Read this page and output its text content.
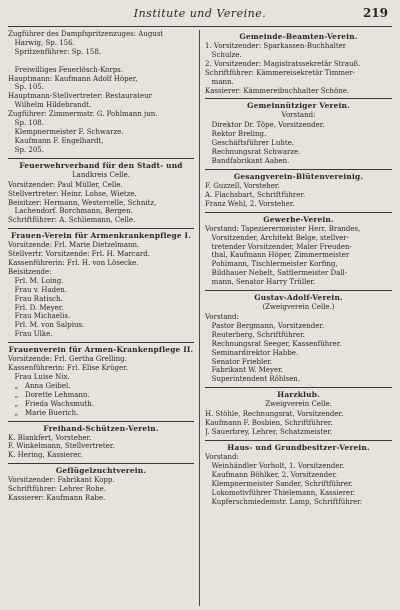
Institute und Vereine.	219
Zugführer des Dampfspritzenzuges: August
Harwig, Sp. 156.
Spritzenführer: Sp. 158.

Freiwilliges Feuerlösch-Korps.
Hauptmann: Kaufmann Adolf Höper,
Sp. 105.
Hauptmann-Stellvertreter: Restaurateur
Wilhelm Hildebrandt.
Zugführer: Zimmermstr. G. Pohlmann jun.
Sp. 108.
Klempnermeister F. Schwarze.
Kaufmann F. Engelhardt,
Sp. 205.
Feuerwehrverband für den Stadt- und
Landkreis Celle.
Vorsitzender: Paul Müller, Celle.
Stellvertreter: Heinr. Lohse, Wietze.
Beisitzer: Hermann, Westercelle, Schnitz,
Lachendorf. Borchmann, Bergen.
Schriftführer: A. Schliemann, Celle.
Frauen-Verein für Armenkrankenpflege I.
Vorsitzende: Frl. Marie Dietzelmann.
Stellvertr. Vorsitzende: Frl. H. Marcard.
Kassenführerin: Frl. H. von Lösecke.
Beisitzende:
Frl. M. Loing.
Frau v. Haden.
Frau Ratisch.
Frl. D. Meyer.
Frau Michaelis.
Frl. M. von Salpius.
Frau Ulke.
Frauenverein für Armen-Krankenpflege II.
Vorsitzende: Frl. Gertha Grelling.
Kassenführerin: Frl. Elise Krüger.
Frau Luise Nix.
„   Anna Geibel.
„   Dorette Lehmann.
„   Frieda Wachsmuth.
„   Marie Buerich.
Freihand-Schützen-Verein.
K. Blankfert, Vorsteher.
F. Winkelmann, Stellvertreter.
K. Hering, Kassierer.
Geflügelzuchtverein.
Vorsitzender: Fabrikant Kopp.
Schriftführer: Lehrer Rohe.
Kassierer: Kaufmann Rabe.
Gemeinde-Beamten-Verein.
1. Vorsitzender: Sparkassen-Buchhalter
Schulze.
2. Vorsitzender: Magistratssekretär Strauß.
Schriftführer: Kämmereisekretär Timmer-
mann.
Kassierer: Kämmereibuchhalter Schöne.
Gemeinnütziger Verein.
Vorstand:
Direktor Dr. Töpe, Vorsitzender.
Rektor Breling.
Geschäftsführer Luhte.
Rechnungsrat Schwarze.
Bandfabrikant Aaben.
Gesangverein-Blütenvereinig.
F. Guzzell, Vorsteher.
A. Flachsbart, Schriftführer.
Franz Wehl, 2. Vorsteher.
Gewerbe-Verein.
Vorstand: Tapezierermeister Herr. Brandes,
Vorsitzender, Architekt Belge, stellver-
tretender Vorsitzender, Maler Freuden-
thal, Kaufmann Höper, Zimmermeister
Pohlmann, Tischlermeister Korfing,
Bildhauer Nebelt, Sattlermeister Dall-
mann, Senator Harry Trüller.
Gustav-Adolf-Verein.
(Zweigverein Celle.)
Vorstand:
Pastor Bergmann, Vorsitzender.
Reuterberg, Schriftführer.
Rechnungsrat Seeger, Kassenführer.
Seminardirektor Habbe.
Senator Friebler.
Fabrikant W. Meyer.
Superintendent Röhlsen.
Harzklub.
Zweigverein Celle.
H. Stöhle, Rechnungsrat, Vorsitzender.
Kaufmann F. Bosbien, Schriftführer.
J. Sauerbrey, Lehrer, Schatzmeister.
Haus- und Grundbesitzer-Verein.
Vorstand:
Weinhändler Vorholt, 1. Vorsitzender.
Kaufmann Böhlker, 2. Vorsitzender.
Klempnermeister Sander, Schriftführer.
Lokomotivführer Thielemann, Kassierer.
Kupferschmiedemstr. Lamp, Schriftführer.
